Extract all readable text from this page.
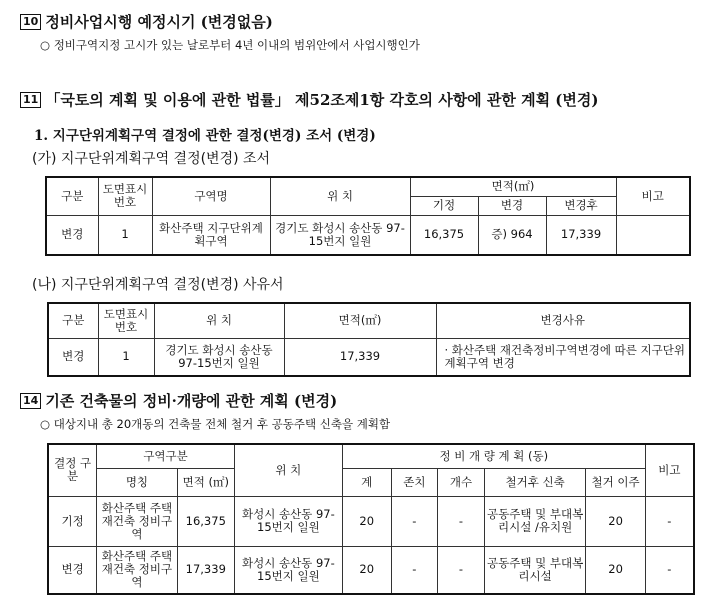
10 정비사업시행 예정시기 (변경없음)
○ 정비구역지정 고시가 있는 날로부터 4년 이내의 범위안에서 사업시행인가
11 「국토의 계획 및 이용에 관한 법률」 제52조제1항 각호의 사항에 관한 계획 (변경)
1. 지구단위계획구역 결정에 관한 결정(변경) 조서 (변경)
(가) 지구단위계획구역 결정(변경) 조서
구분	도면표시 번호	구역명	위 치	면적(㎡)			비고
				기정	변경	변경후	
변경	1	화산주택 지구단위계획구역	경기도 화성시 송산동 97-15번지 일원	16,375	증) 964	17,339	
(나) 지구단위계획구역 결정(변경) 사유서
구분	도면표시 번호	위 치	면적(㎡)	변경사유
변경	1	경기도 화성시 송산동 97-15번지 일원	17,339	· 화산주택 재건축정비구역변경에 따른 지구단위계획구역 변경
14 기존 건축물의 정비·개량에 관한 계획 (변경)
○ 대상지내 총 20개동의 건축물 전체 철거 후 공동주택 신축을 계획함
결정 구분	구역구분		위 치	정 비 개 량 계 획 (동)					비고
	명칭	면적 (㎡)		계	존치	개수	철거후 신축	철거 이주	
기정	화산주택 주택재건축 정비구역	16,375	화성시 송산동 97-15번지 일원	20	-	-	공동주택 및 부대복리시설 /유치원	20	-
변경	화산주택 주택재건축 정비구역	17,339	화성시 송산동 97-15번지 일원	20	-	-	공동주택 및 부대복리시설	20	-
